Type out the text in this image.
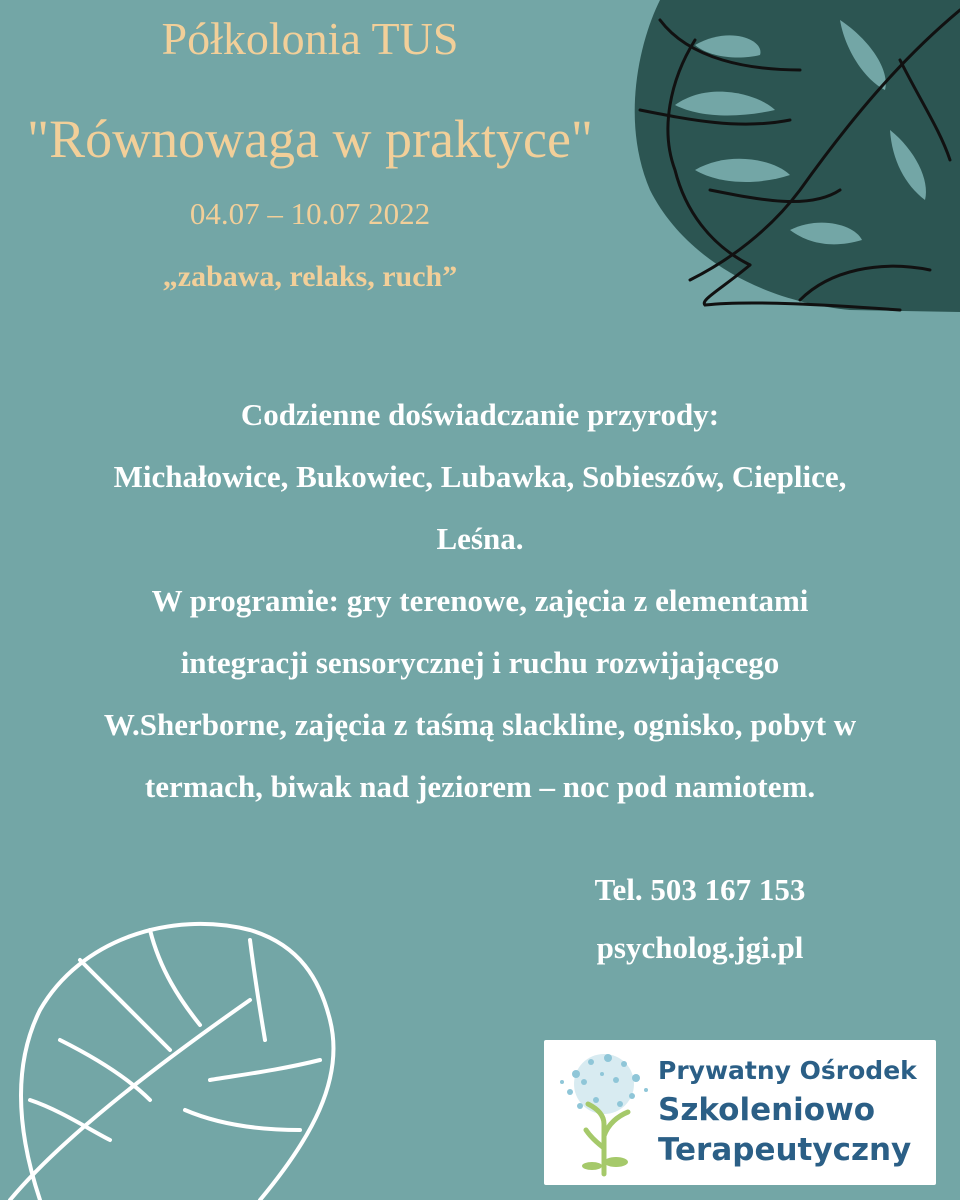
Półkolonia TUS
"Równowaga w praktyce"
04.07 – 10.07 2022
„zabawa, relaks, ruch”
Codzienne doświadczanie przyrody:
Michałowice, Bukowiec, Lubawka, Sobieszów, Cieplice,
Leśna.
W programie: gry terenowe, zajęcia z elementami
integracji sensorycznej i ruchu rozwijającego
W.Sherborne, zajęcia z taśmą slackline, ognisko, pobyt w
termach, biwak nad jeziorem – noc pod namiotem.
Tel. 503 167 153
psycholog.jgi.pl
Prywatny Ośrodek
Szkoleniowo
Terapeutyczny
